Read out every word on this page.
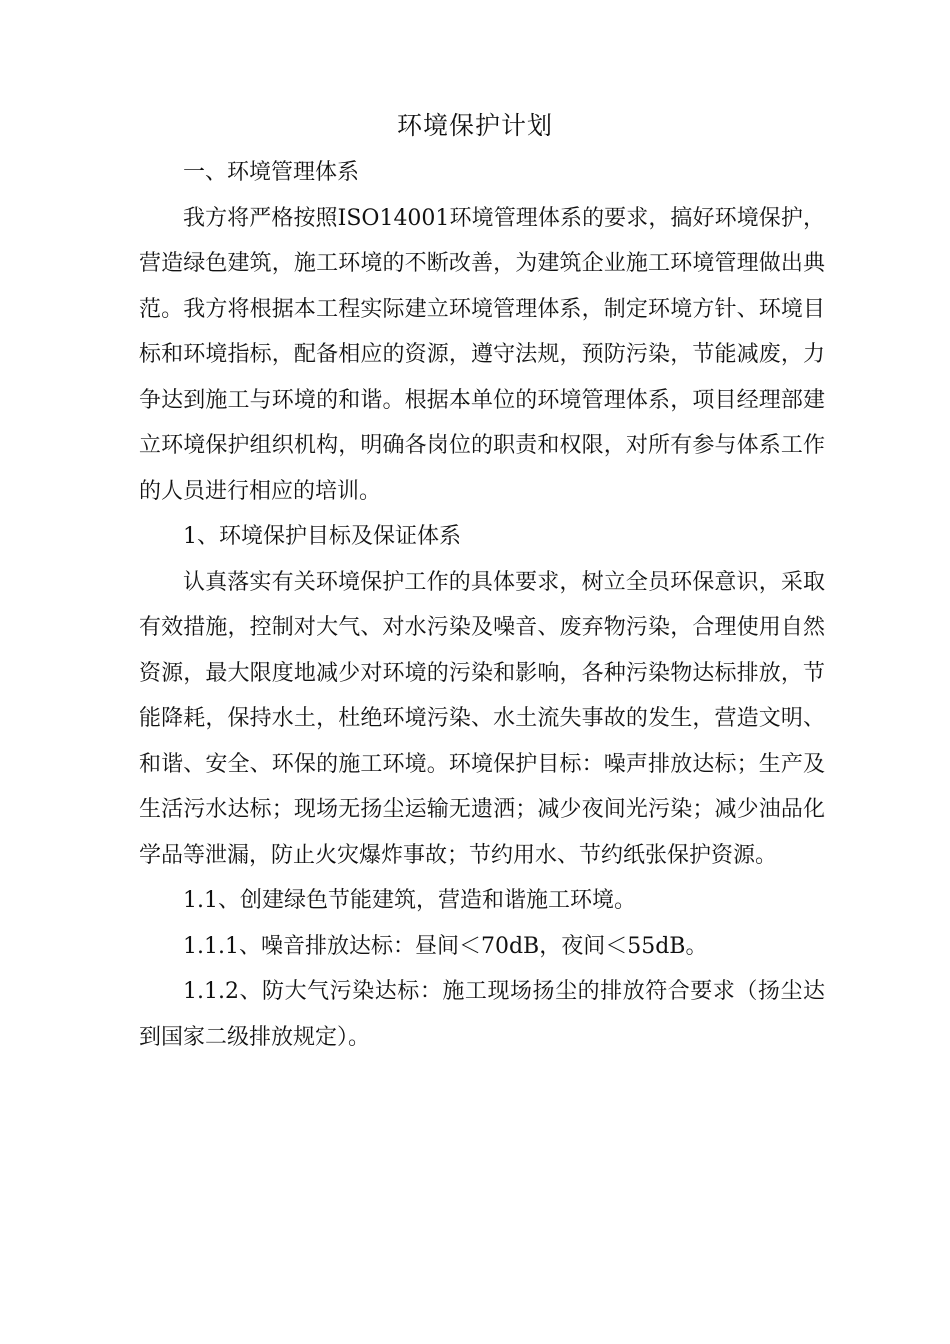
环境保护计划

一、环境管理体系

我方将严格按照ISO14001环境管理体系的要求，搞好环境保护，营造绿色建筑，施工环境的不断改善，为建筑企业施工环境管理做出典范。我方将根据本工程实际建立环境管理体系，制定环境方针、环境目标和环境指标，配备相应的资源，遵守法规，预防污染，节能减废，力争达到施工与环境的和谐。根据本单位的环境管理体系，项目经理部建立环境保护组织机构，明确各岗位的职责和权限，对所有参与体系工作的人员进行相应的培训。

1、环境保护目标及保证体系

认真落实有关环境保护工作的具体要求，树立全员环保意识，采取有效措施，控制对大气、对水污染及噪音、废弃物污染，合理使用自然资源，最大限度地减少对环境的污染和影响，各种污染物达标排放，节能降耗，保持水土，杜绝环境污染、水土流失事故的发生，营造文明、和谐、安全、环保的施工环境。环境保护目标：噪声排放达标；生产及生活污水达标；现场无扬尘运输无遗洒；减少夜间光污染；减少油品化学品等泄漏，防止火灾爆炸事故；节约用水、节约纸张保护资源。

1.1、创建绿色节能建筑，营造和谐施工环境。

1.1.1、噪音排放达标：昼间＜70dB，夜间＜55dB。

1.1.2、防大气污染达标：施工现场扬尘的排放符合要求（扬尘达到国家二级排放规定）。
